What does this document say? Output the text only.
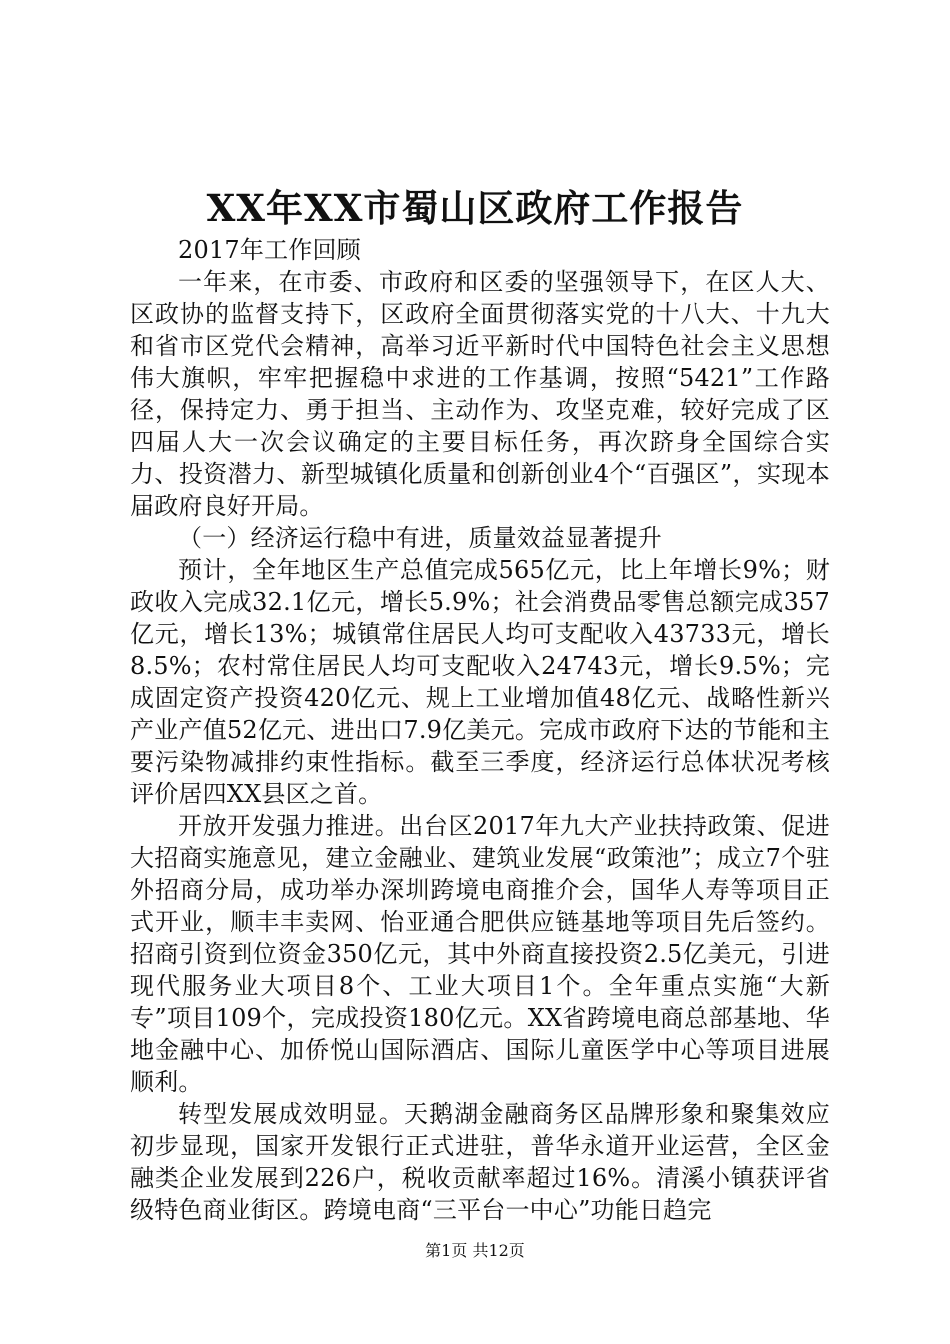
XX年XX市蜀山区政府工作报告

2017年工作回顾

一年来，在市委、市政府和区委的坚强领导下，在区人大、区政协的监督支持下，区政府全面贯彻落实党的十八大、十九大和省市区党代会精神，高举习近平新时代中国特色社会主义思想伟大旗帜，牢牢把握稳中求进的工作基调，按照“5421”工作路径，保持定力、勇于担当、主动作为、攻坚克难，较好完成了区四届人大一次会议确定的主要目标任务，再次跻身全国综合实力、投资潜力、新型城镇化质量和创新创业4个“百强区”，实现本届政府良好开局。

（一）经济运行稳中有进，质量效益显著提升

预计，全年地区生产总值完成565亿元，比上年增长9%；财政收入完成32.1亿元，增长5.9%；社会消费品零售总额完成357亿元，增长13%；城镇常住居民人均可支配收入43733元，增长8.5%；农村常住居民人均可支配收入24743元，增长9.5%；完成固定资产投资420亿元、规上工业增加值48亿元、战略性新兴产业产值52亿元、进出口7.9亿美元。完成市政府下达的节能和主要污染物减排约束性指标。截至三季度，经济运行总体状况考核评价居四XX县区之首。

开放开发强力推进。出台区2017年九大产业扶持政策、促进大招商实施意见，建立金融业、建筑业发展“政策池”；成立7个驻外招商分局，成功举办深圳跨境电商推介会，国华人寿等项目正式开业，顺丰丰卖网、怡亚通合肥供应链基地等项目先后签约。招商引资到位资金350亿元，其中外商直接投资2.5亿美元，引进现代服务业大项目8个、工业大项目1个。全年重点实施“大新专”项目109个，完成投资180亿元。XX省跨境电商总部基地、华地金融中心、加侨悦山国际酒店、国际儿童医学中心等项目进展顺利。

转型发展成效明显。天鹅湖金融商务区品牌形象和聚集效应初步显现，国家开发银行正式进驻，普华永道开业运营，全区金融类企业发展到226户，税收贡献率超过16%。清溪小镇获评省级特色商业街区。跨境电商“三平台一中心”功能日趋完

第1页 共12页
